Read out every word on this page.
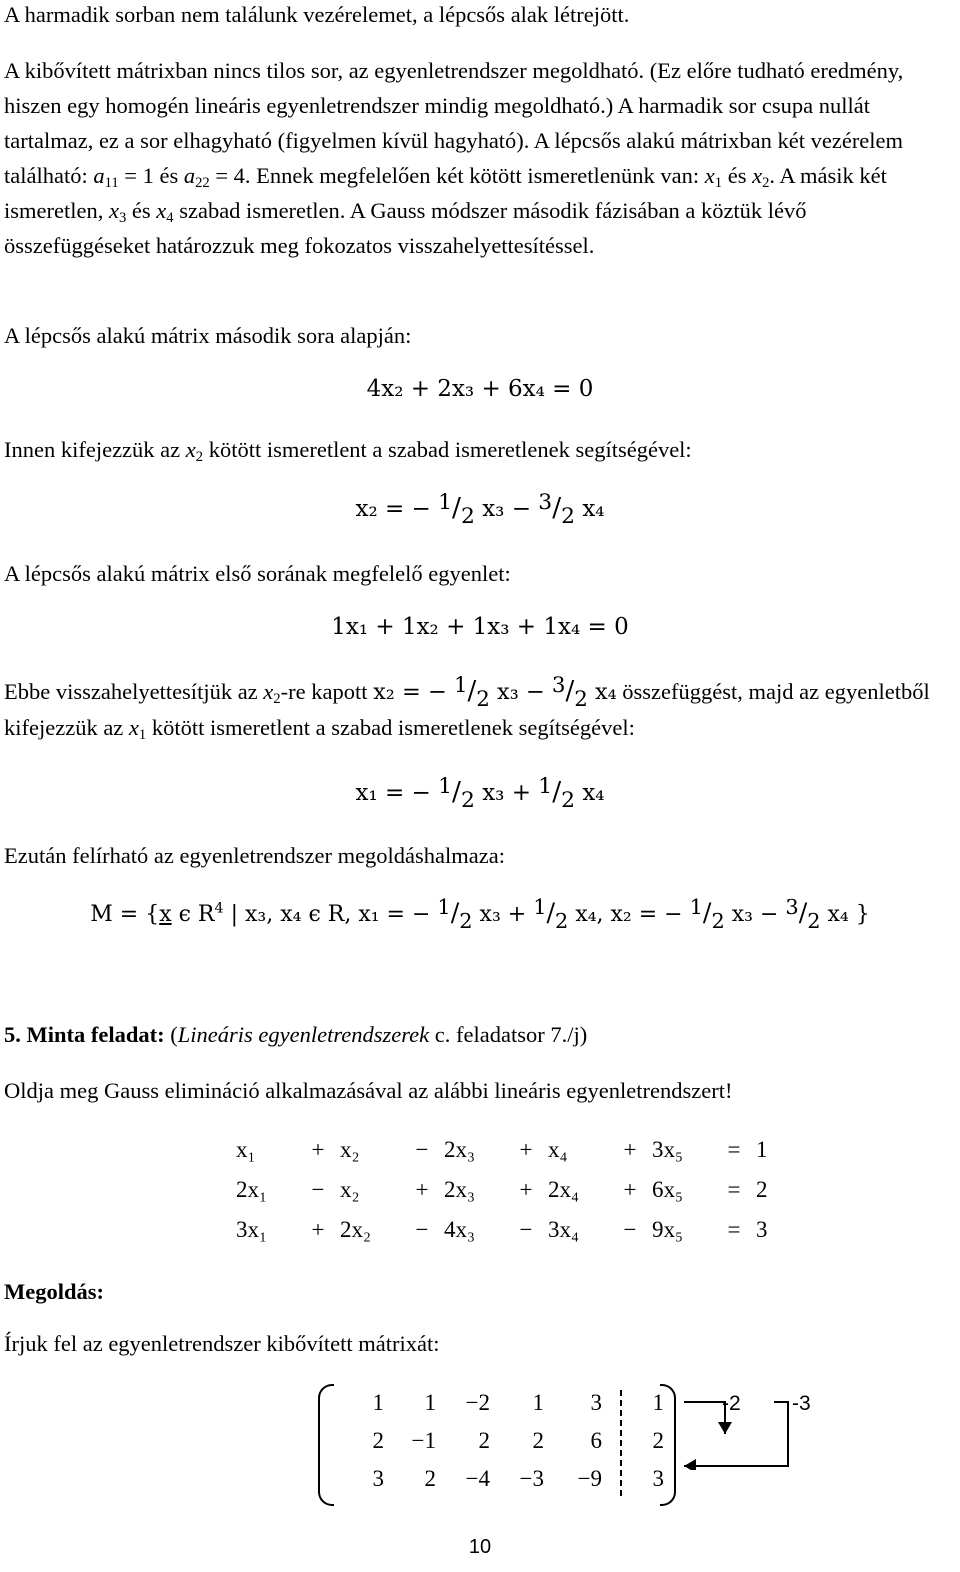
A harmadik sorban nem találunk vezérelemet, a lépcsős alak létrejött.

A kibővített mátrixban nincs tilos sor, az egyenletrendszer megoldható. (Ez előre tudható eredmény, hiszen egy homogén lineáris egyenletrendszer mindig megoldható.) A harmadik sor csupa nullát tartalmaz, ez a sor elhagyható (figyelmen kívül hagyható). A lépcsős alakú mátrixban két vezérelem található: $a_{11} = 1$ és $a_{22} = 4$. Ennek megfelelően két kötött ismeretlenünk van: $x_1$ és $x_2$. A másik két ismeretlen, $x_3$ és $x_4$ szabad ismeretlen. A Gauss módszer második fázisában a köztük lévő összefüggéseket határozzuk meg fokozatos visszahelyettesítéssel.

A lépcsős alakú mátrix második sora alapján:

4x₂ + 2x₃ + 6x₄ = 0

Innen kifejezzük az $x_2$ kötött ismeretlent a szabad ismeretlenek segítségével:

x₂ = − 1/2 x₃ − 3/2 x₄

A lépcsős alakú mátrix első sorának megfelelő egyenlet:

1x₁ + 1x₂ + 1x₃ + 1x₄ = 0

Ebbe visszahelyettesítjük az $x_2-re$ kapott x₂ = − 1/2 x₃ − 3/2 x₄ összefüggést, majd az egyenletből kifejezzük az $x_1$ kötött ismeretlent a szabad ismeretlenek segítségével:

x₁ = − 1/2 x₃ + 1/2 x₄

Ezután felírható az egyenletrendszer megoldáshalmaza:

M = {x ϵ $R^4$ | x₃, x₄ ϵ R, x₁ = − 1/2 x₃ + 1/2 x₄, x₂ = − 1/2 x₃ − 3/2 x₄ }

5. Minta feladat: (Lineáris egyenletrendszerek c. feladatsor 7./j)

Oldja meg Gauss elimináció alkalmazásával az alábbi lineáris egyenletrendszert!

x₁	+	x₂	−	2x₃	+	x₄	+	3x₅	=	1
2x₁	−	x₂	+	2x₃	+	2x₄	+	6x₅	=	2
3x₁	+	2x₂	−	4x₃	−	3x₄	−	9x₅	=	3

Megoldás:

Írjuk fel az egyenletrendszer kibővített mátrixát:

1	1	−2	1	3	1
2	−1	2	2	6	2
3	2	−4	−3	−9	3
-2 -3
10
